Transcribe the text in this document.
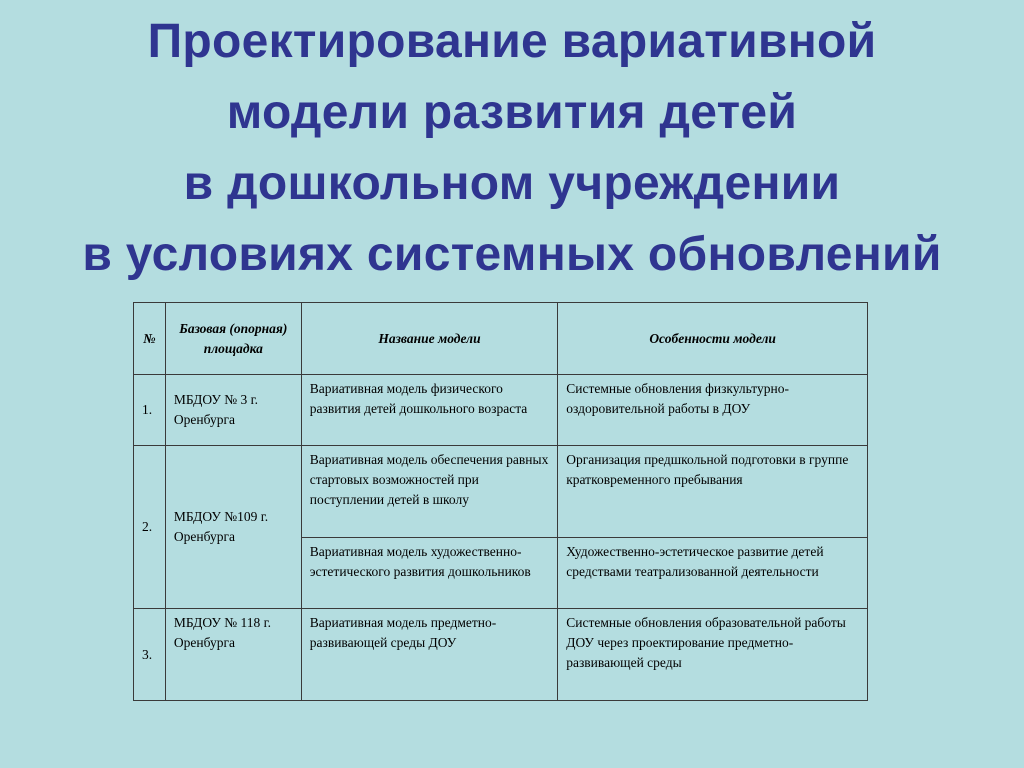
Проектирование вариативной
модели развития детей
в дошкольном учреждении
в условиях системных обновлений
№	Базовая (опорная) площадка	Название модели	Особенности модели
1.	МБДОУ № 3 г. Оренбурга	Вариативная модель физического развития детей дошкольного возраста	Системные обновления физкультурно-оздоровительной работы в ДОУ
2.	МБДОУ №109 г. Оренбурга	Вариативная модель обеспечения равных стартовых возможностей при поступлении детей в школу	Организация предшкольной подготовки в группе кратковременного пребывания
		Вариативная модель художественно-эстетического развития дошкольников	Художественно-эстетическое развитие детей средствами театрализованной деятельности
3.	МБДОУ № 118 г. Оренбурга	Вариативная модель предметно-развивающей среды ДОУ	Системные обновления образовательной работы ДОУ через проектирование предметно-развивающей среды
